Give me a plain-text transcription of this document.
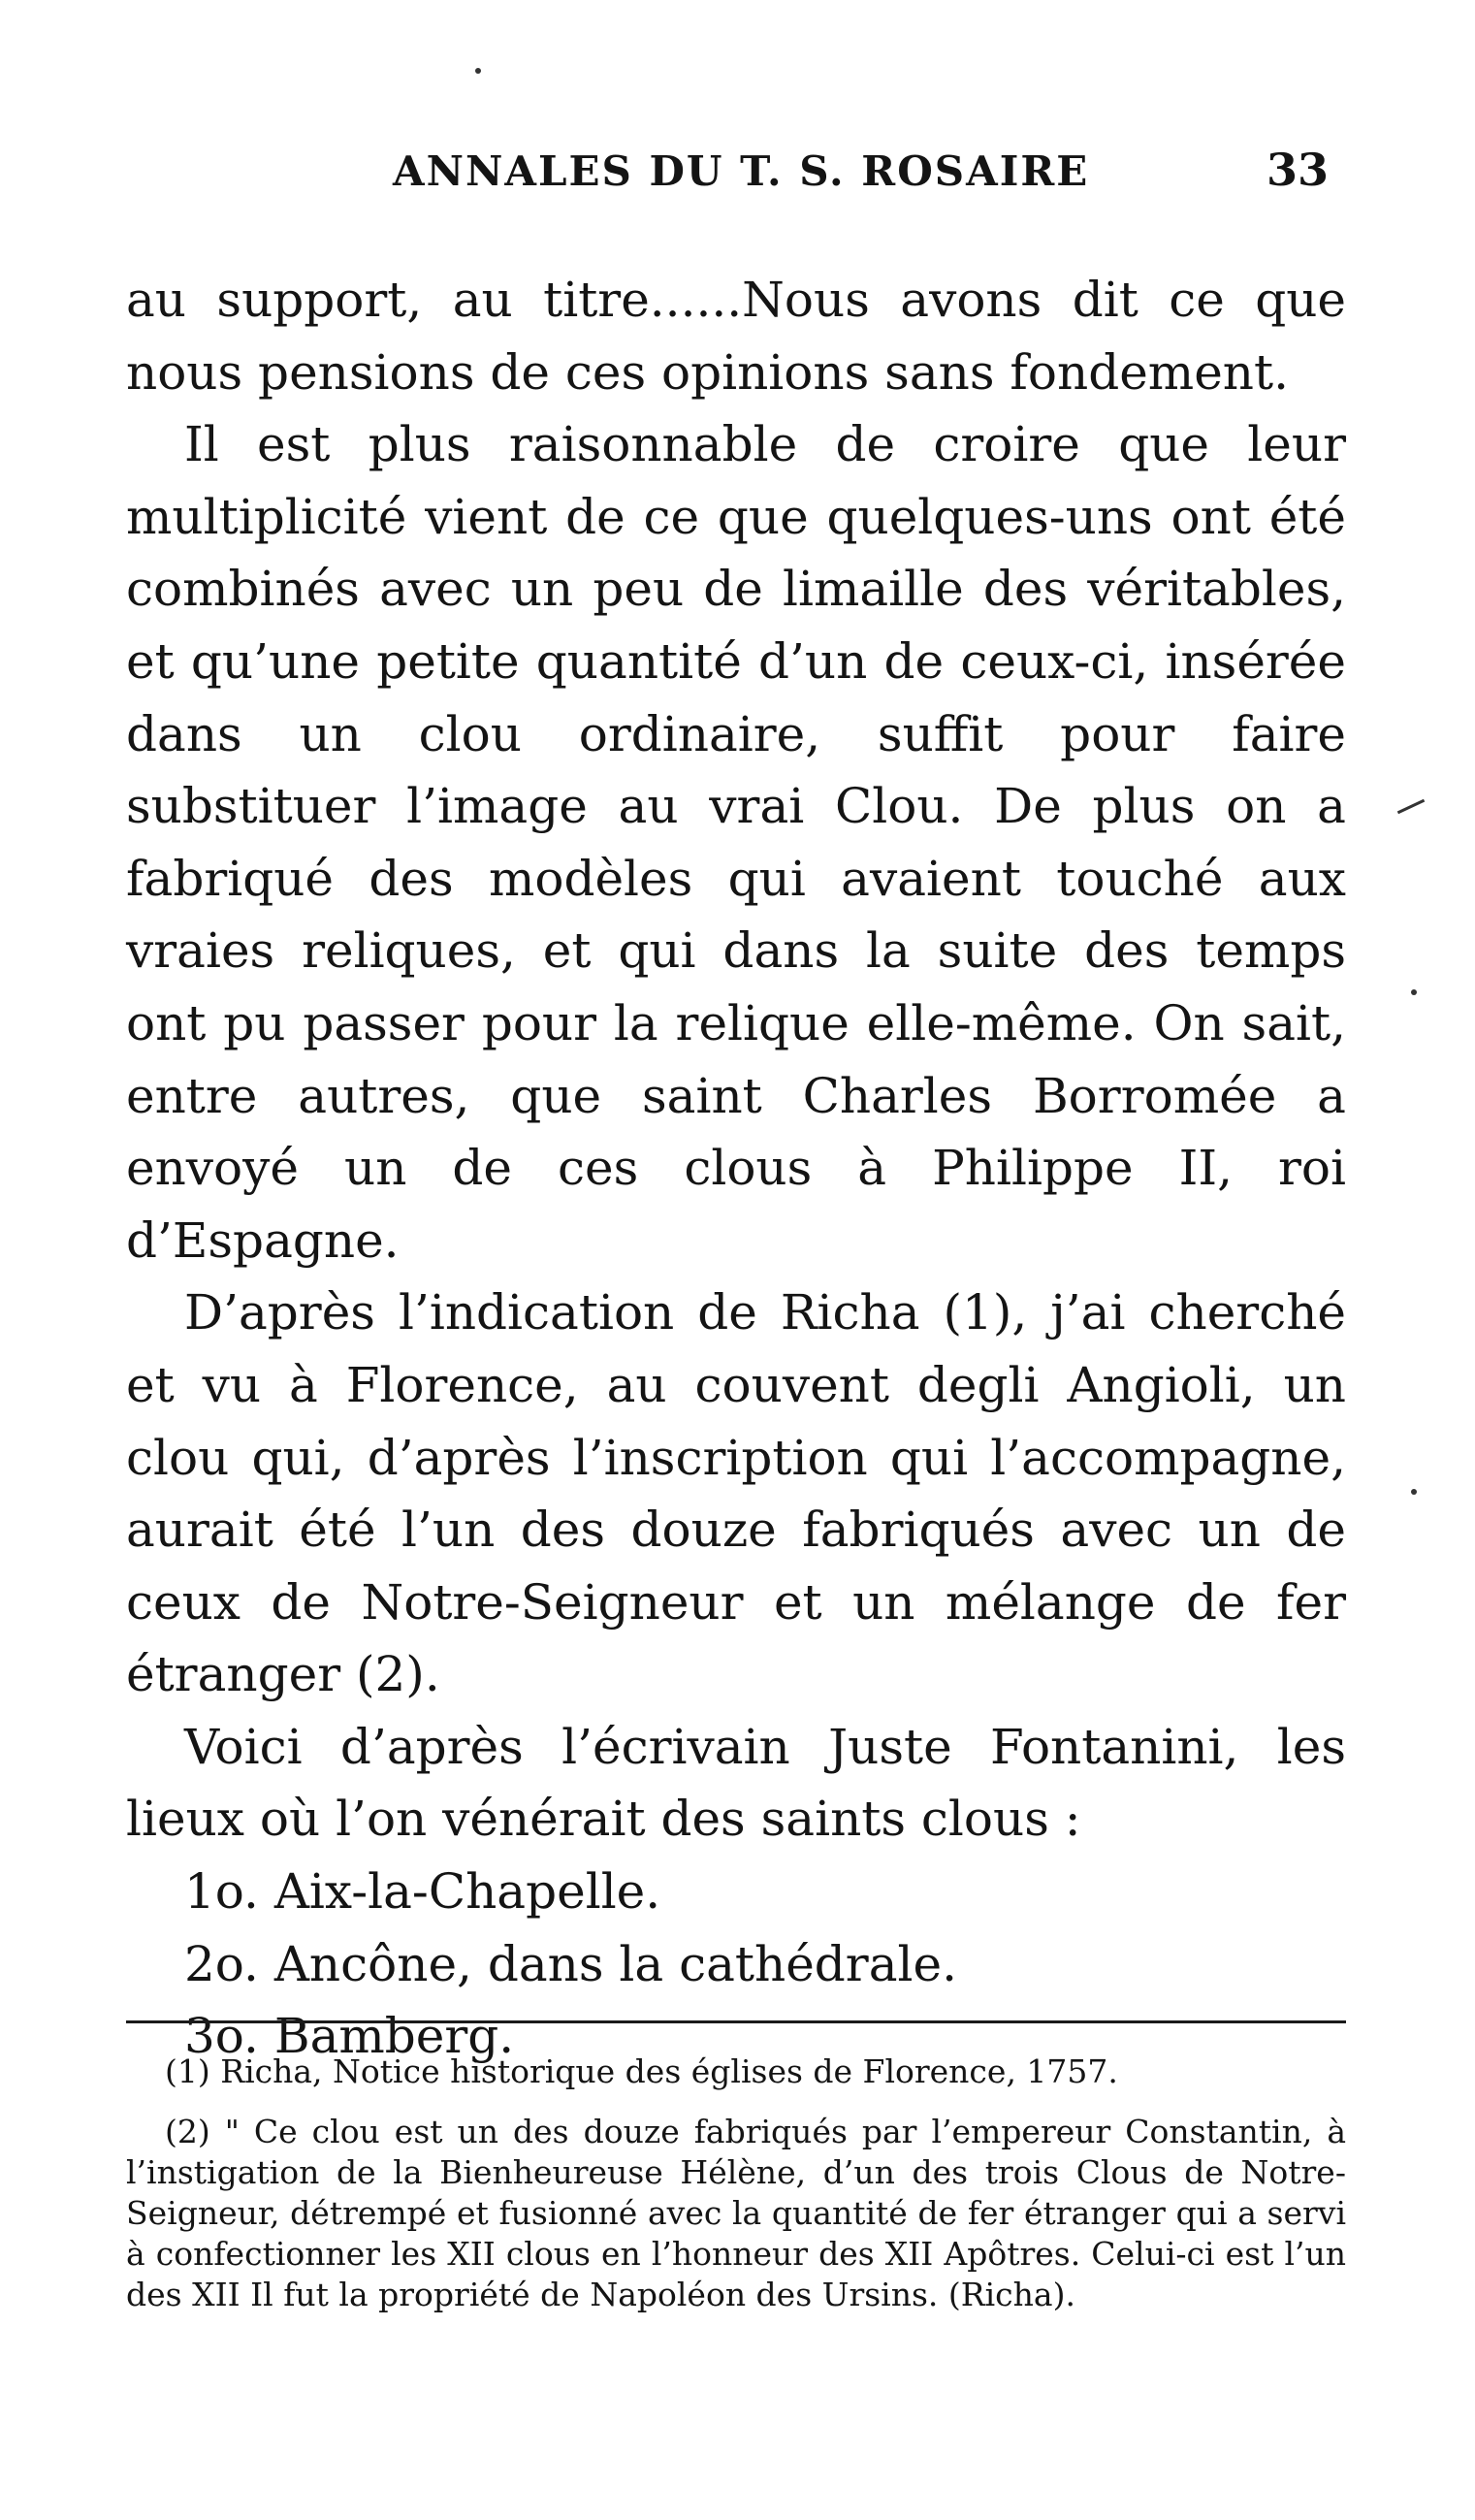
ANNALES DU T. S. ROSAIRE	33

au support, au titre......Nous avons dit ce que nous pensions de ces opinions sans fondement.

Il est plus raisonnable de croire que leur multiplicité vient de ce que quelques-uns ont été combinés avec un peu de limaille des véritables, et qu’une petite quantité d’un de ceux-ci, insérée dans un clou ordinaire, suffit pour faire substituer l’image au vrai Clou. De plus on a fabriqué des modèles qui avaient touché aux vraies reliques, et qui dans la suite des temps ont pu passer pour la relique elle-même. On sait, entre autres, que saint Charles Borromée a envoyé un de ces clous à Philippe II, roi d’Espagne.

D’après l’indication de Richa (1), j’ai cherché et vu à Florence, au couvent degli Angioli, un clou qui, d’après l’inscription qui l’accompagne, aurait été l’un des douze fabriqués avec un de ceux de Notre-Seigneur et un mélange de fer étranger (2).

Voici d’après l’écrivain Juste Fontanini, les lieux où l’on vénérait des saints clous :

1o. Aix-la-Chapelle.
2o. Ancône, dans la cathédrale.
3o. Bamberg.

(1) Richa, Notice historique des églises de Florence, 1757.

(2) " Ce clou est un des douze fabriqués par l’empereur Constantin, à l’instigation de la Bienheureuse Hélène, d’un des trois Clous de Notre-Seigneur, détrempé et fusionné avec la quantité de fer étranger qui a servi à confectionner les XII clous en l’honneur des XII Apôtres. Celui-ci est l’un des XII Il fut la propriété de Napoléon des Ursins. (Richa).
